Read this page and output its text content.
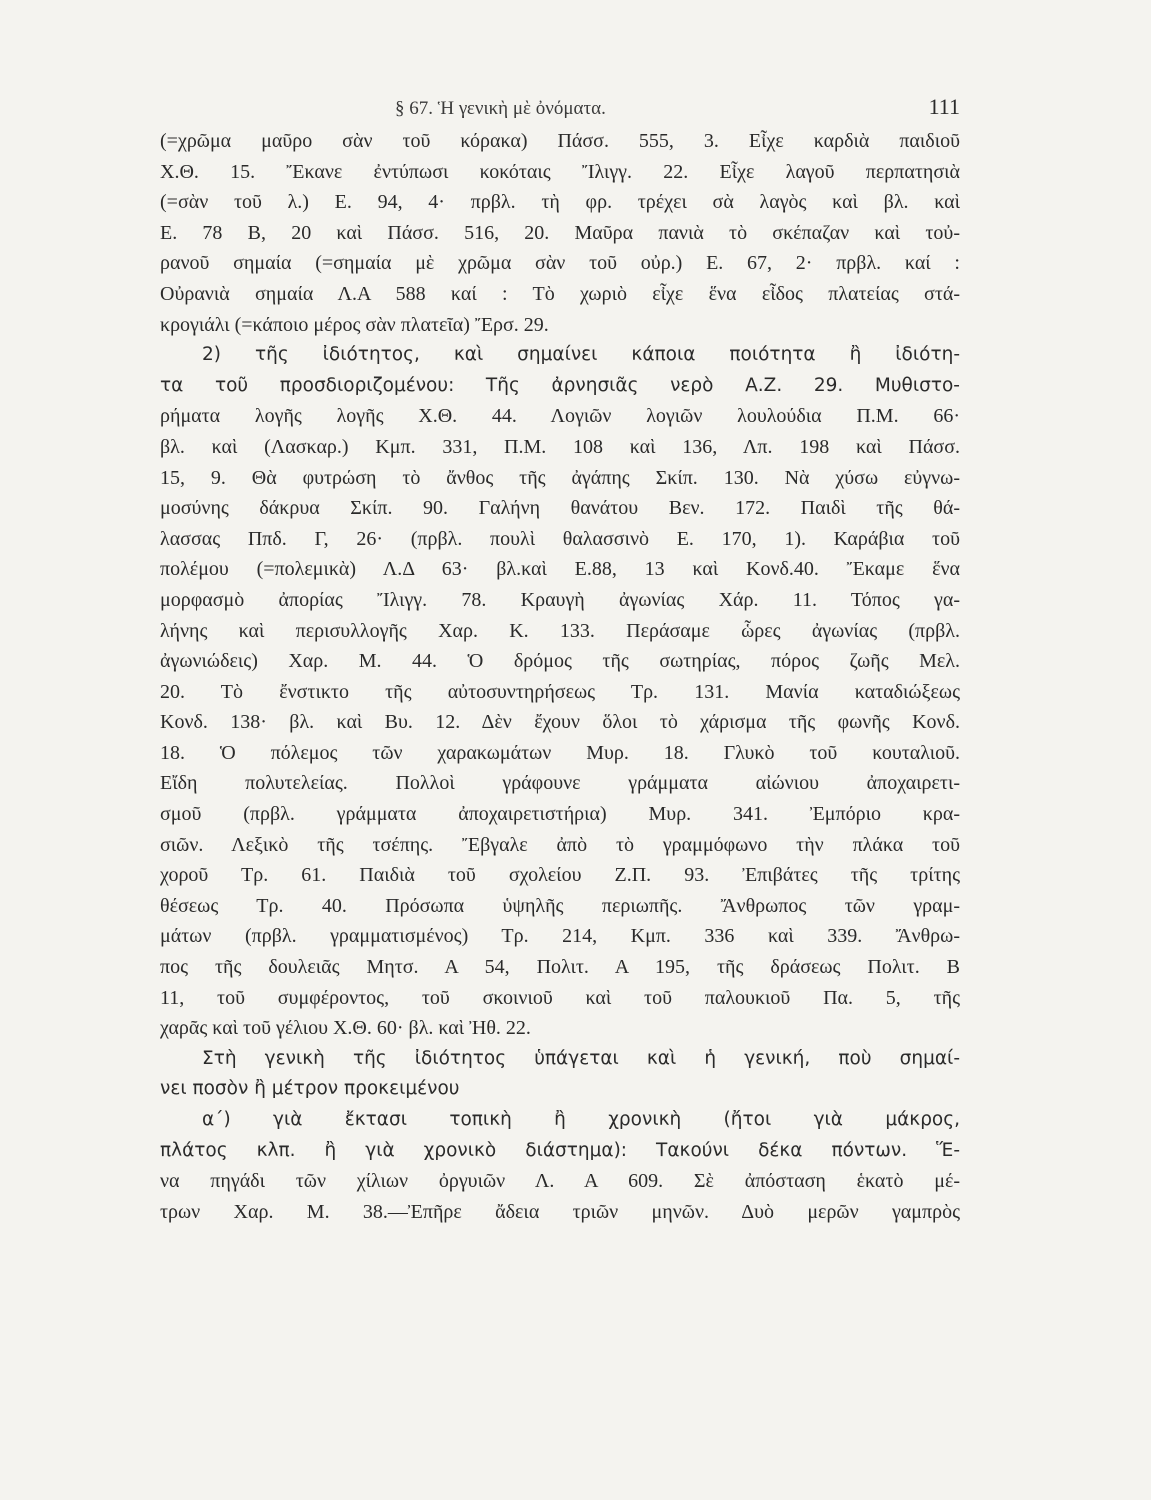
§ 67. Ἡ γενικὴ μὲ ὀνόματα.	111
(=χρῶμα μαῦρο σὰν τοῦ κόρακα) Πάσσ. 555, 3. Εἶχε καρδιὰ παιδιοῦ
Χ.Θ. 15. Ἔκανε ἐντύπωσι κοκόταις Ἴλιγγ. 22. Εἶχε λαγοῦ περπατησιὰ
(=σὰν τοῦ λ.) Ε. 94, 4· πρβλ. τὴ φρ. τρέχει σὰ λαγὸς καὶ βλ. καὶ
Ε. 78 Β, 20 καὶ Πάσσ. 516, 20. Μαῦρα πανιὰ τὸ σκέπαζαν καὶ τοὐ-
ρανοῦ σημαία (=σημαία μὲ χρῶμα σὰν τοῦ οὐρ.) Ε. 67, 2· πρβλ. καί :
Οὐρανιὰ σημαία Λ.Α 588 καί : Τὸ χωριὸ εἶχε ἕνα εἶδος πλατείας στά-
κρογιάλι (=κάποιο μέρος σὰν πλατεῖα) Ἔρσ. 29.
2) τῆς ἰδιότητος, καὶ σημαίνει κάποια ποιότητα ἢ ἰδιότη-
τα τοῦ προσδιοριζομένου: Τῆς ἀρνησιᾶς νερὸ Α.Ζ. 29. Μυθιστο-
ρήματα λογῆς λογῆς Χ.Θ. 44. Λογιῶν λογιῶν λουλούδια Π.Μ. 66·
βλ. καὶ (Λασκαρ.) Κμπ. 331, Π.Μ. 108 καὶ 136, Λπ. 198 καὶ Πάσσ.
15, 9. Θὰ φυτρώση τὸ ἄνθος τῆς ἀγάπης Σκίπ. 130. Νὰ χύσω εὐγνω-
μοσύνης δάκρυα Σκίπ. 90. Γαλήνη θανάτου Βεν. 172. Παιδὶ τῆς θά-
λασσας Ππδ. Γ, 26· (πρβλ. πουλὶ θαλασσινὸ Ε. 170, 1). Καράβια τοῦ
πολέμου (=πολεμικὰ) Λ.Δ 63· βλ.καὶ Ε.88, 13 καὶ Κονδ.40. Ἔκαμε ἕνα
μορφασμὸ ἀπορίας Ἴλιγγ. 78. Κραυγὴ ἀγωνίας Χάρ. 11. Τόπος γα-
λήνης καὶ περισυλλογῆς Χαρ. Κ. 133. Περάσαμε ὧρες ἀγωνίας (πρβλ.
ἀγωνιώδεις) Χαρ. Μ. 44. Ὁ δρόμος τῆς σωτηρίας, πόρος ζωῆς Μελ.
20. Τὸ ἔνστικτο τῆς αὐτοσυντηρήσεως Τρ. 131. Μανία καταδιώξεως
Κονδ. 138· βλ. καὶ Βυ. 12. Δὲν ἔχουν ὅλοι τὸ χάρισμα τῆς φωνῆς Κονδ.
18. Ὁ πόλεμος τῶν χαρακωμάτων Μυρ. 18. Γλυκὸ τοῦ κουταλιοῦ.
Εἴδη πολυτελείας. Πολλοὶ γράφουνε γράμματα αἰώνιου ἀποχαιρετι-
σμοῦ (πρβλ. γράμματα ἀποχαιρετιστήρια) Μυρ. 341. Ἐμπόριο κρα-
σιῶν. Λεξικὸ τῆς τσέπης. Ἔβγαλε ἀπὸ τὸ γραμμόφωνο τὴν πλάκα τοῦ
χοροῦ Τρ. 61. Παιδιὰ τοῦ σχολείου Ζ.Π. 93. Ἐπιβάτες τῆς τρίτης
θέσεως Τρ. 40. Πρόσωπα ὑψηλῆς περιωπῆς. Ἄνθρωπος τῶν γραμ-
μάτων (πρβλ. γραμματισμένος) Τρ. 214, Κμπ. 336 καὶ 339. Ἄνθρω-
πος τῆς δουλειᾶς Μητσ. Α 54, Πολιτ. Α 195, τῆς δράσεως Πολιτ. Β
11, τοῦ συμφέροντος, τοῦ σκοινιοῦ καὶ τοῦ παλουκιοῦ Πα. 5, τῆς
χαρᾶς καὶ τοῦ γέλιου Χ.Θ. 60· βλ. καὶ Ἠθ. 22.
Στὴ γενικὴ τῆς ἰδιότητος ὑπάγεται καὶ ἡ γενική, ποὺ σημαί-
νει ποσὸν ἢ μέτρον προκειμένου
α΄) γιὰ ἔκτασι τοπικὴ ἢ χρονικὴ (ἤτοι γιὰ μάκρος,
πλάτος κλπ. ἢ γιὰ χρονικὸ διάστημα): Τακούνι δέκα πόντων. Ἕ-
να πηγάδι τῶν χίλιων ὀργυιῶν Λ. Α 609. Σὲ ἀπόσταση ἑκατὸ μέ-
τρων Χαρ. Μ. 38.—Ἐπῆρε ἄδεια τριῶν μηνῶν. Δυὸ μερῶν γαμπρὸς
